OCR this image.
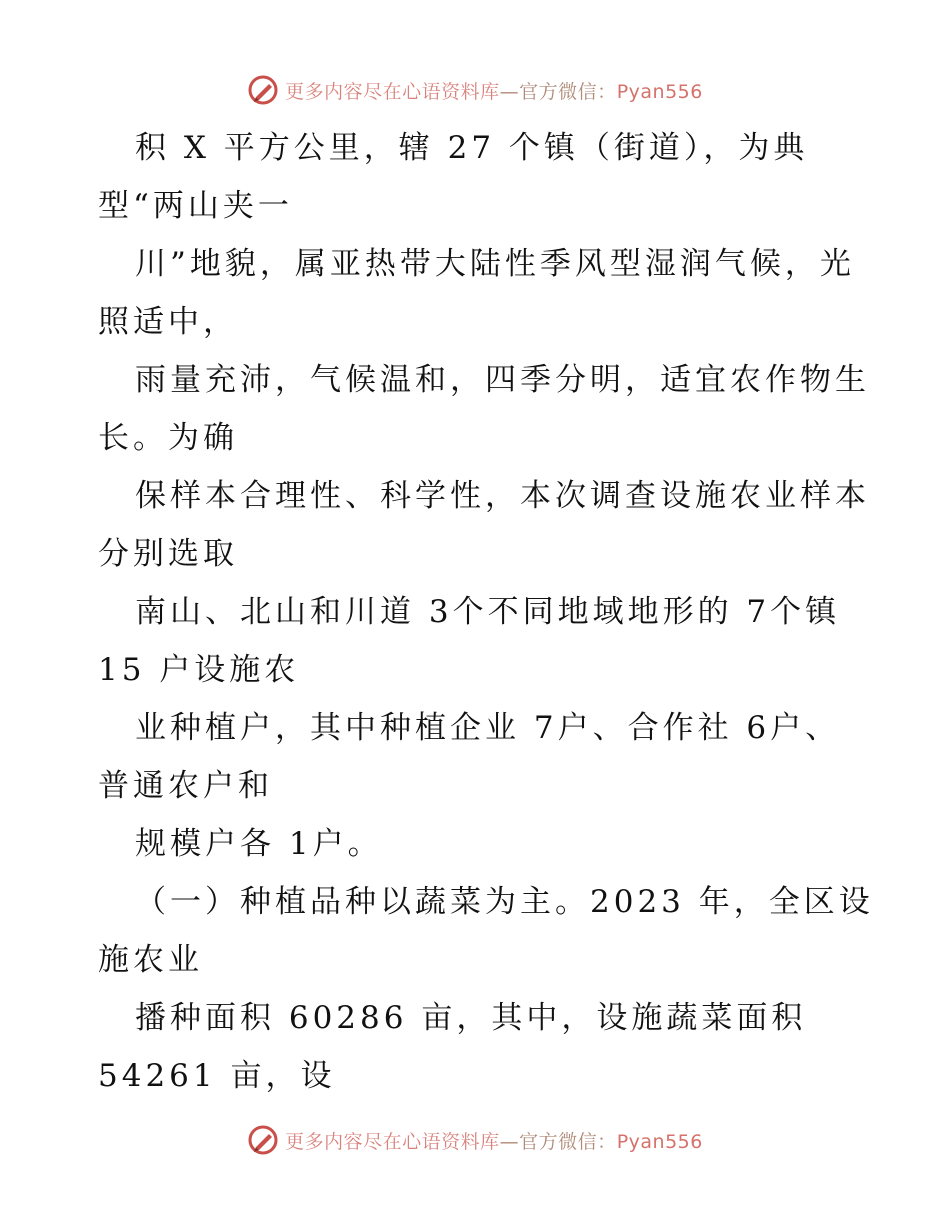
更多内容尽在心语资料库—官方微信：Pyan556
积 X 平方公里，辖 27 个镇（街道），为典
型“两山夹一
川”地貌，属亚热带大陆性季风型湿润气候，光
照适中，
雨量充沛，气候温和，四季分明，适宜农作物生
长。为确
保样本合理性、科学性，本次调查设施农业样本
分别选取
南山、北山和川道 3个不同地域地形的 7个镇
15 户设施农
业种植户，其中种植企业 7户、合作社 6户、
普通农户和
规模户各 1户。
（一）种植品种以蔬菜为主。2023 年，全区设
施农业
播种面积 60286 亩，其中，设施蔬菜面积
54261 亩，设
更多内容尽在心语资料库—官方微信：Pyan556
